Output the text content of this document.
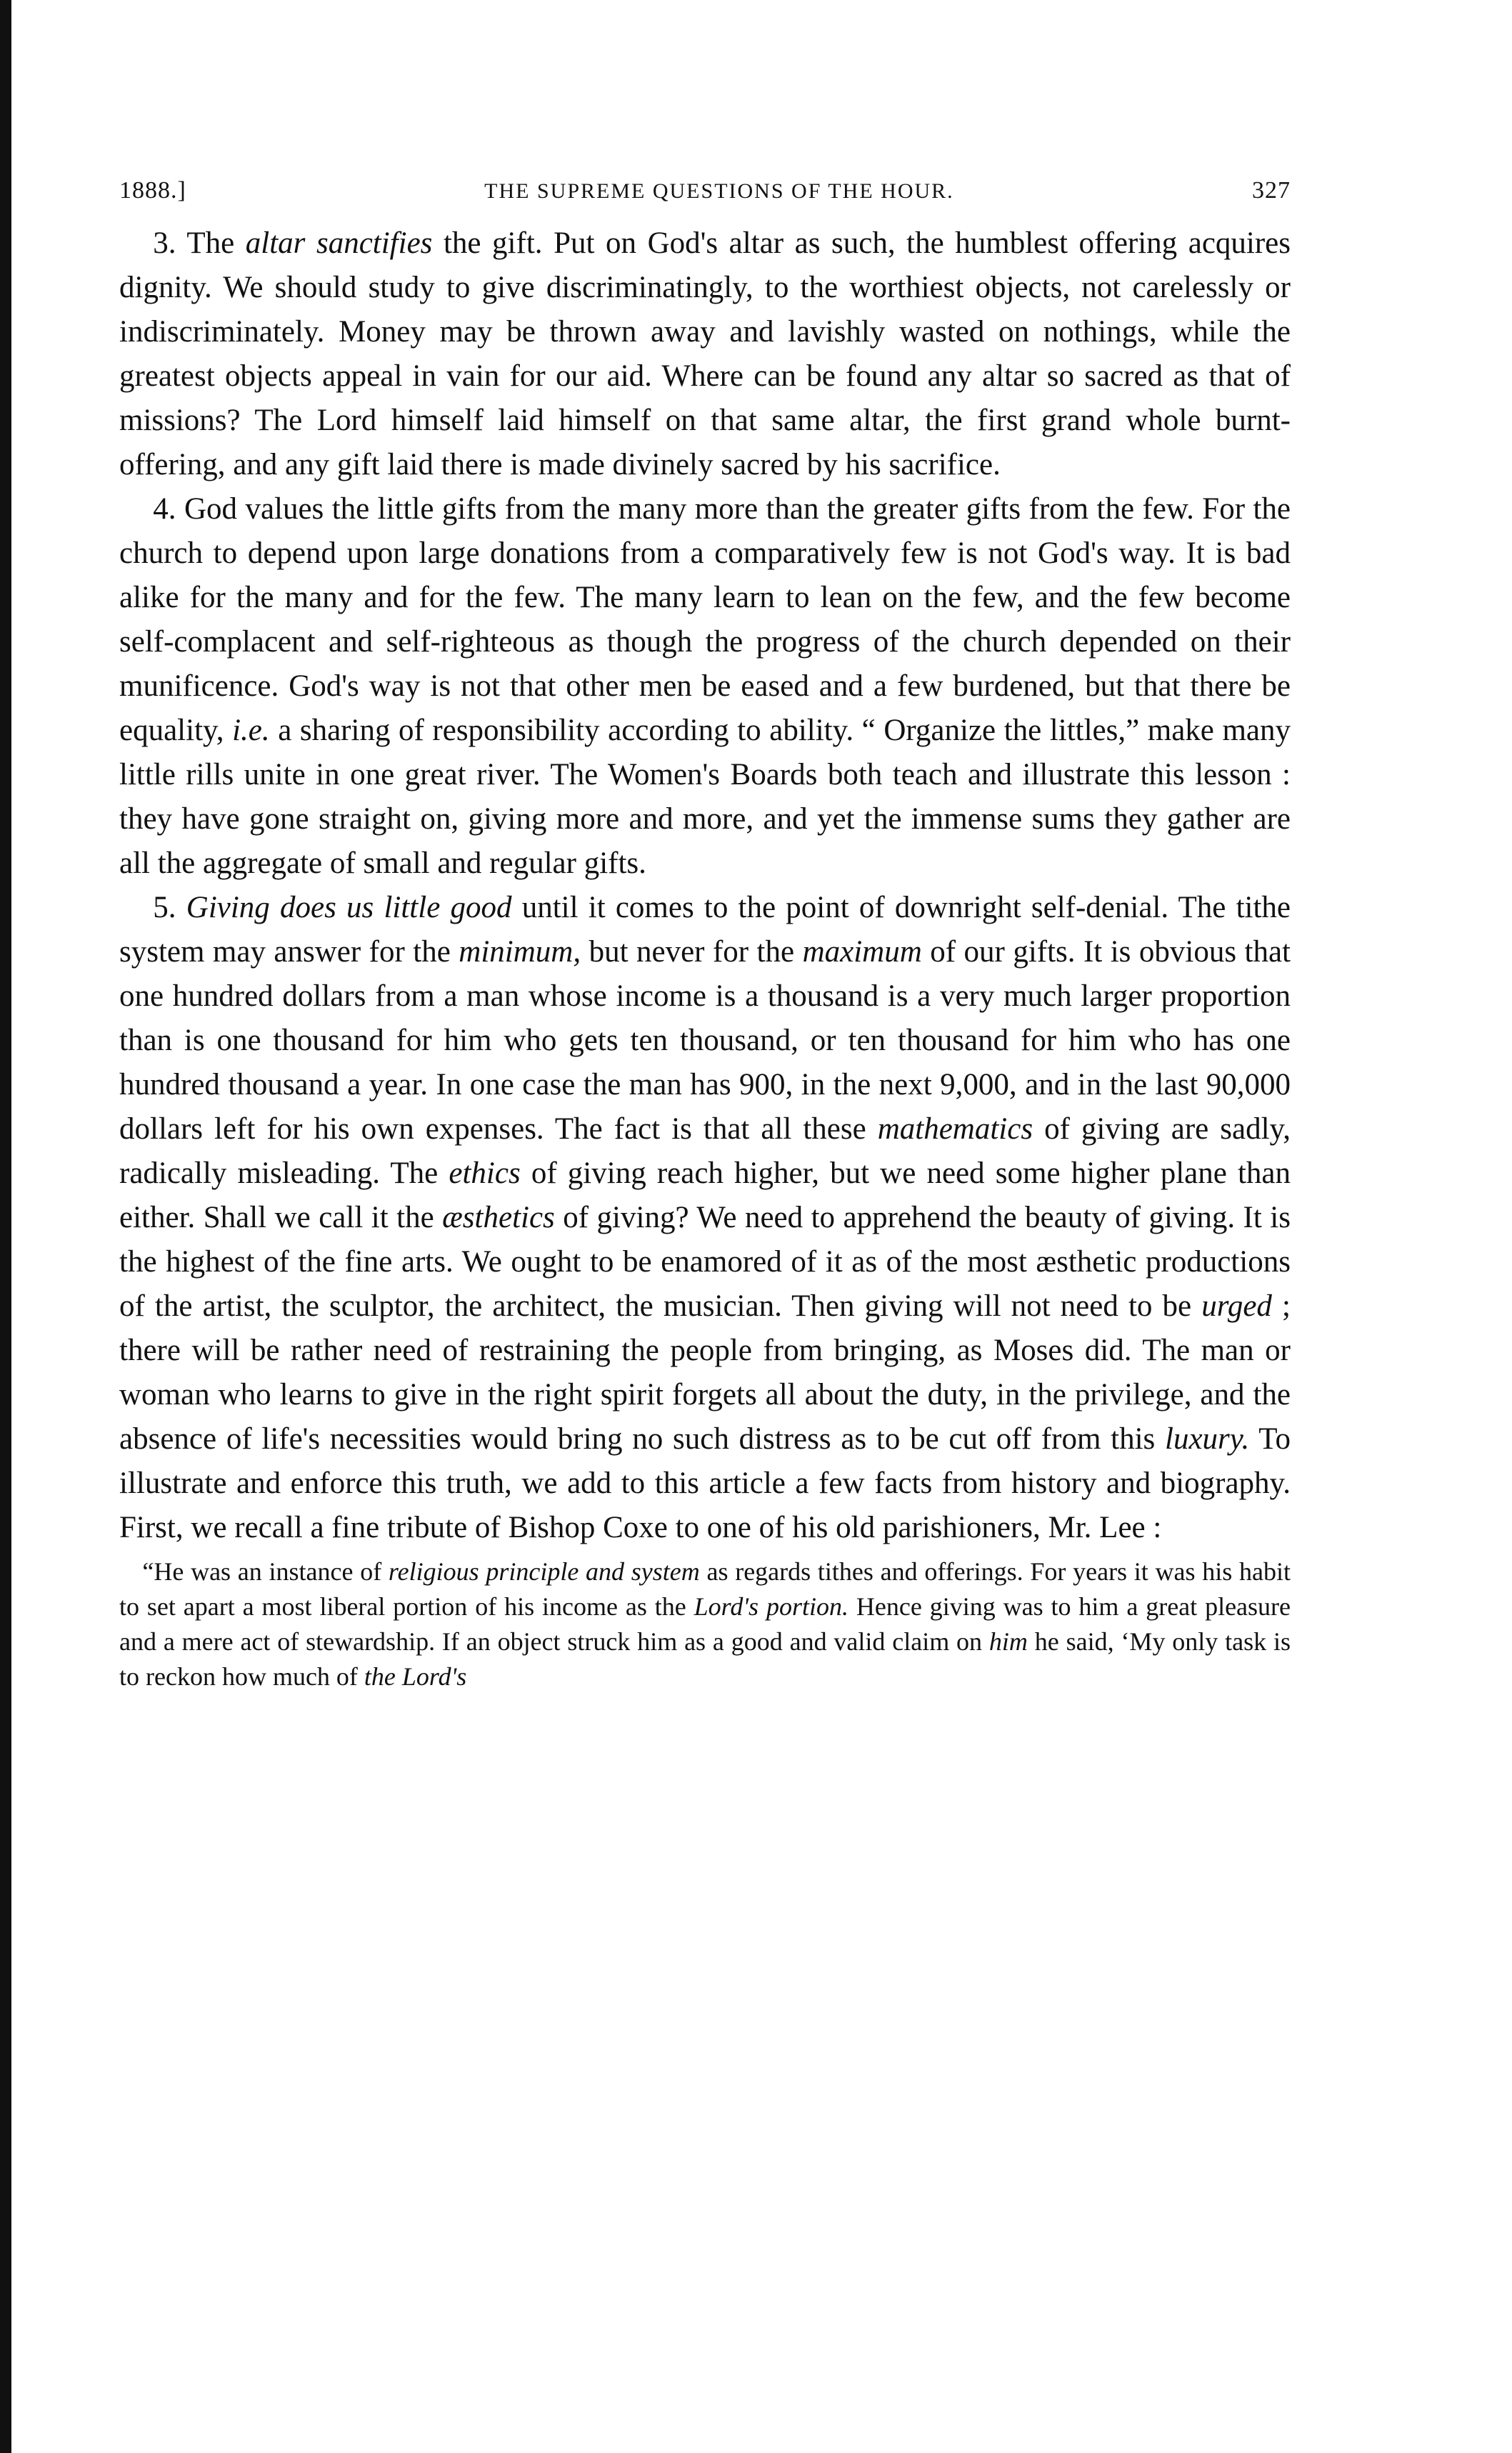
1888.]	THE SUPREME QUESTIONS OF THE HOUR.	327

3. The altar sanctifies the gift. Put on God's altar as such, the humblest offering acquires dignity. We should study to give discriminatingly, to the worthiest objects, not carelessly or indiscriminately. Money may be thrown away and lavishly wasted on nothings, while the greatest objects appeal in vain for our aid. Where can be found any altar so sacred as that of missions? The Lord himself laid himself on that same altar, the first grand whole burnt-offering, and any gift laid there is made divinely sacred by his sacrifice.

4. God values the little gifts from the many more than the greater gifts from the few. For the church to depend upon large donations from a comparatively few is not God's way. It is bad alike for the many and for the few. The many learn to lean on the few, and the few become self-complacent and self-righteous as though the progress of the church depended on their munificence. God's way is not that other men be eased and a few burdened, but that there be equality, i.e. a sharing of responsibility according to ability. “ Organize the littles,” make many little rills unite in one great river. The Women's Boards both teach and illustrate this lesson : they have gone straight on, giving more and more, and yet the immense sums they gather are all the aggregate of small and regular gifts.

5. Giving does us little good until it comes to the point of downright self-denial. The tithe system may answer for the minimum, but never for the maximum of our gifts. It is obvious that one hundred dollars from a man whose income is a thousand is a very much larger proportion than is one thousand for him who gets ten thousand, or ten thousand for him who has one hundred thousand a year. In one case the man has 900, in the next 9,000, and in the last 90,000 dollars left for his own expenses. The fact is that all these mathematics of giving are sadly, radically misleading. The ethics of giving reach higher, but we need some higher plane than either. Shall we call it the æsthetics of giving? We need to apprehend the beauty of giving. It is the highest of the fine arts. We ought to be enamored of it as of the most æsthetic productions of the artist, the sculptor, the architect, the musician. Then giving will not need to be urged ; there will be rather need of restraining the people from bringing, as Moses did. The man or woman who learns to give in the right spirit forgets all about the duty, in the privilege, and the absence of life's necessities would bring no such distress as to be cut off from this luxury. To illustrate and enforce this truth, we add to this article a few facts from history and biography. First, we recall a fine tribute of Bishop Coxe to one of his old parishioners, Mr. Lee :

“He was an instance of religious principle and system as regards tithes and offerings. For years it was his habit to set apart a most liberal portion of his income as the Lord's portion. Hence giving was to him a great pleasure and a mere act of stewardship. If an object struck him as a good and valid claim on him he said, ‘My only task is to reckon how much of the Lord's
